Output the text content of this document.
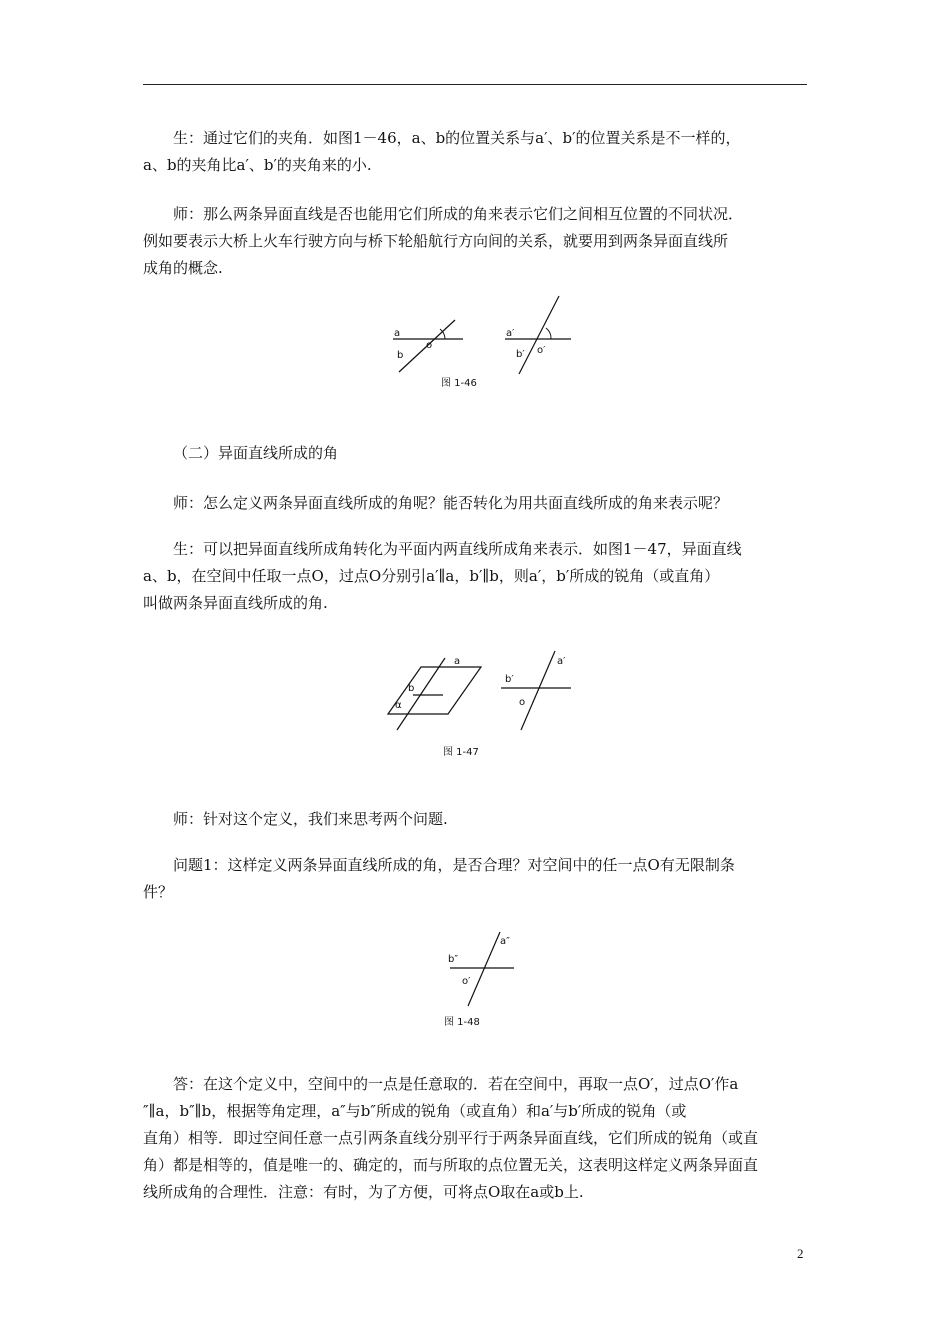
生：通过它们的夹角．如图1－46，a、b的位置关系与a′、b′的位置关系是不一样的，
a、b的夹角比a′、b′的夹角来的小.
师：那么两条异面直线是否也能用它们所成的角来表示它们之间相互位置的不同状况．
例如要表示大桥上火车行驶方向与桥下轮船航行方向间的关系，就要用到两条异面直线所
成角的概念.
a
b
o
a′
b′ o′
图 1-46
（二）异面直线所成的角
师：怎么定义两条异面直线所成的角呢？能否转化为用共面直线所成的角来表示呢？
生：可以把异面直线所成角转化为平面内两直线所成角来表示．如图1－47，异面直线
a、b，在空间中任取一点O，过点O分别引a′∥a，b′∥b，则a′，b′所成的锐角（或直角）
叫做两条异面直线所成的角.
a
b
α
b′
a′
o
图 1-47
师：针对这个定义，我们来思考两个问题.
问题1：这样定义两条异面直线所成的角，是否合理？对空间中的任一点O有无限制条
件？
b″
a″
o′
图 1-48
答：在这个定义中，空间中的一点是任意取的．若在空间中，再取一点O′，过点O′作a
″∥a，b″∥b，根据等角定理，a″与b″所成的锐角（或直角）和a′与b′所成的锐角（或
直角）相等．即过空间任意一点引两条直线分别平行于两条异面直线，它们所成的锐角（或直
角）都是相等的，值是唯一的、确定的，而与所取的点位置无关，这表明这样定义两条异面直
线所成角的合理性．注意：有时，为了方便，可将点O取在a或b上.
2
